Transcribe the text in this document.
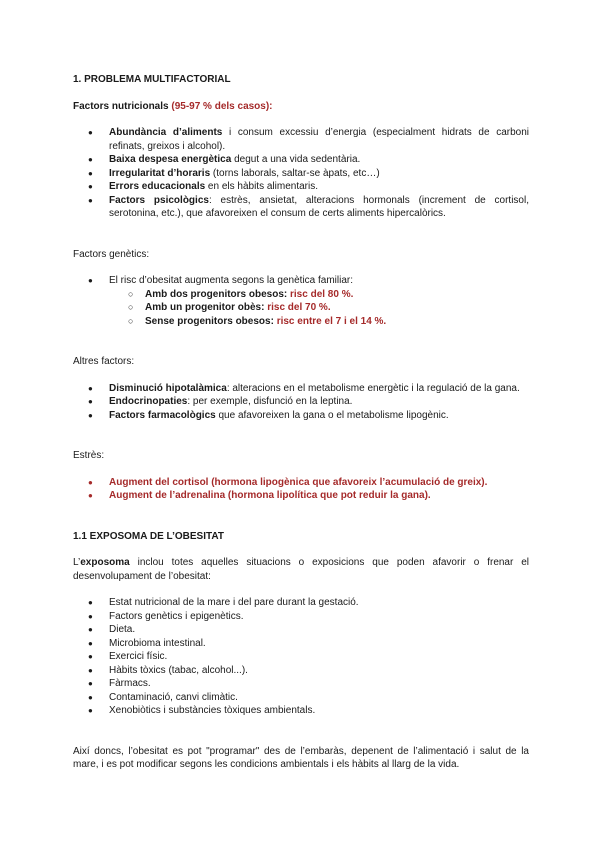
1. PROBLEMA MULTIFACTORIAL

Factors nutricionals (95-97 % dels casos):

● Abundància d’aliments i consum excessiu d’energia (especialment hidrats de carboni refinats, greixos i alcohol).
● Baixa despesa energètica degut a una vida sedentària.
● Irregularitat d’horaris (torns laborals, saltar-se àpats, etc…)
● Errors educacionals en els hàbits alimentaris.
● Factors psicològics: estrès, ansietat, alteracions hormonals (increment de cortisol, serotonina, etc.), que afavoreixen el consum de certs aliments hipercalòrics.

Factors genètics:

● El risc d’obesitat augmenta segons la genètica familiar:
○ Amb dos progenitors obesos: risc del 80 %.
○ Amb un progenitor obès: risc del 70 %.
○ Sense progenitors obesos: risc entre el 7 i el 14 %.

Altres factors:

● Disminució hipotalàmica: alteracions en el metabolisme energètic i la regulació de la gana.
● Endocrinopaties: per exemple, disfunció en la leptina.
● Factors farmacològics que afavoreixen la gana o el metabolisme lipogènic.

Estrès:

● Augment del cortisol (hormona lipogènica que afavoreix l’acumulació de greix).
● Augment de l’adrenalina (hormona lipolítica que pot reduir la gana).

1.1 EXPOSOMA DE L’OBESITAT

L’exposoma inclou totes aquelles situacions o exposicions que poden afavorir o frenar el desenvolupament de l’obesitat:

● Estat nutricional de la mare i del pare durant la gestació.
● Factors genètics i epigenètics.
● Dieta.
● Microbioma intestinal.
● Exercici físic.
● Hàbits tòxics (tabac, alcohol...).
● Fàrmacs.
● Contaminació, canvi climàtic.
● Xenobiòtics i substàncies tòxiques ambientals.

Així doncs, l’obesitat es pot "programar" des de l’embaràs, depenent de l’alimentació i salut de la mare, i es pot modificar segons les condicions ambientals i els hàbits al llarg de la vida.
